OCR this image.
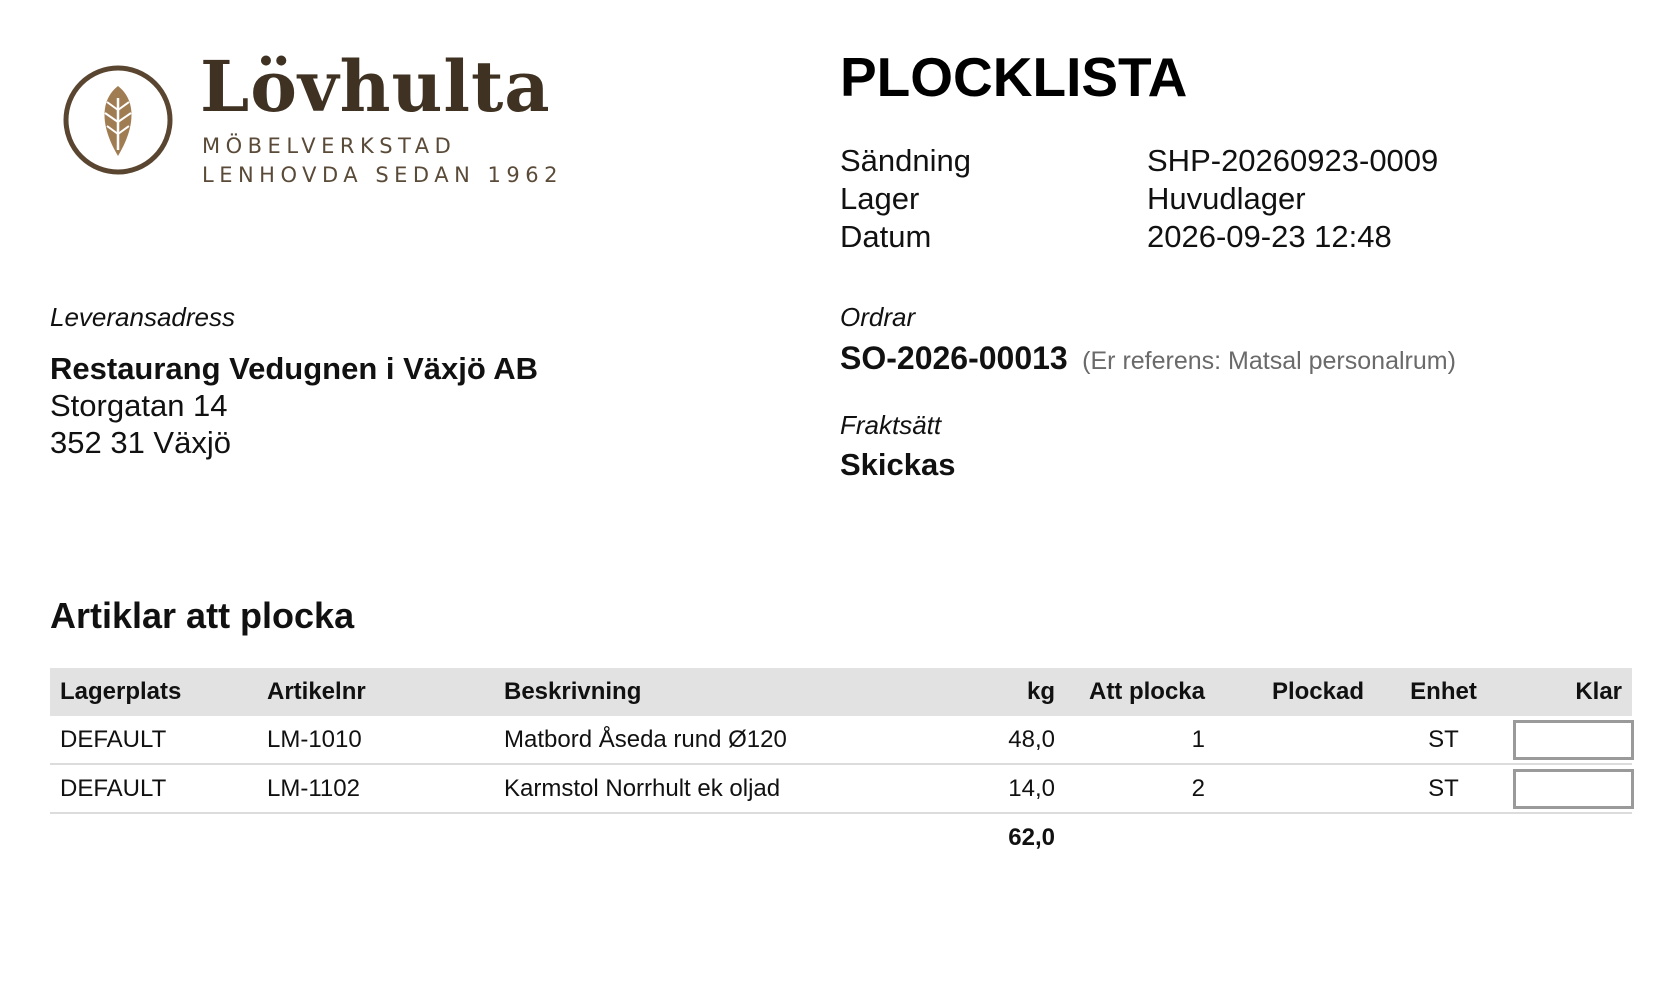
Lövhulta
MÖBELVERKSTAD
LENHOVDA SEDAN 1962
PLOCKLISTA
Sändning	SHP-20260923-0009
Lager	Huvudlager
Datum	2026-09-23 12:48
Leveransadress
Restaurang Vedugnen i Växjö AB
Storgatan 14
352 31 Växjö
Ordrar
SO-2026-00013 (Er referens: Matsal personalrum)
Fraktsätt
Skickas
Artiklar att plocka
Lagerplats	Artikelnr	Beskrivning	kg	Att plocka	Plockad	Enhet	Klar
DEFAULT	LM-1010	Matbord Åseda rund Ø120	48,0	1		ST	

DEFAULT	LM-1102	Karmstol Norrhult ek oljad	14,0	2		ST	

			62,0				
